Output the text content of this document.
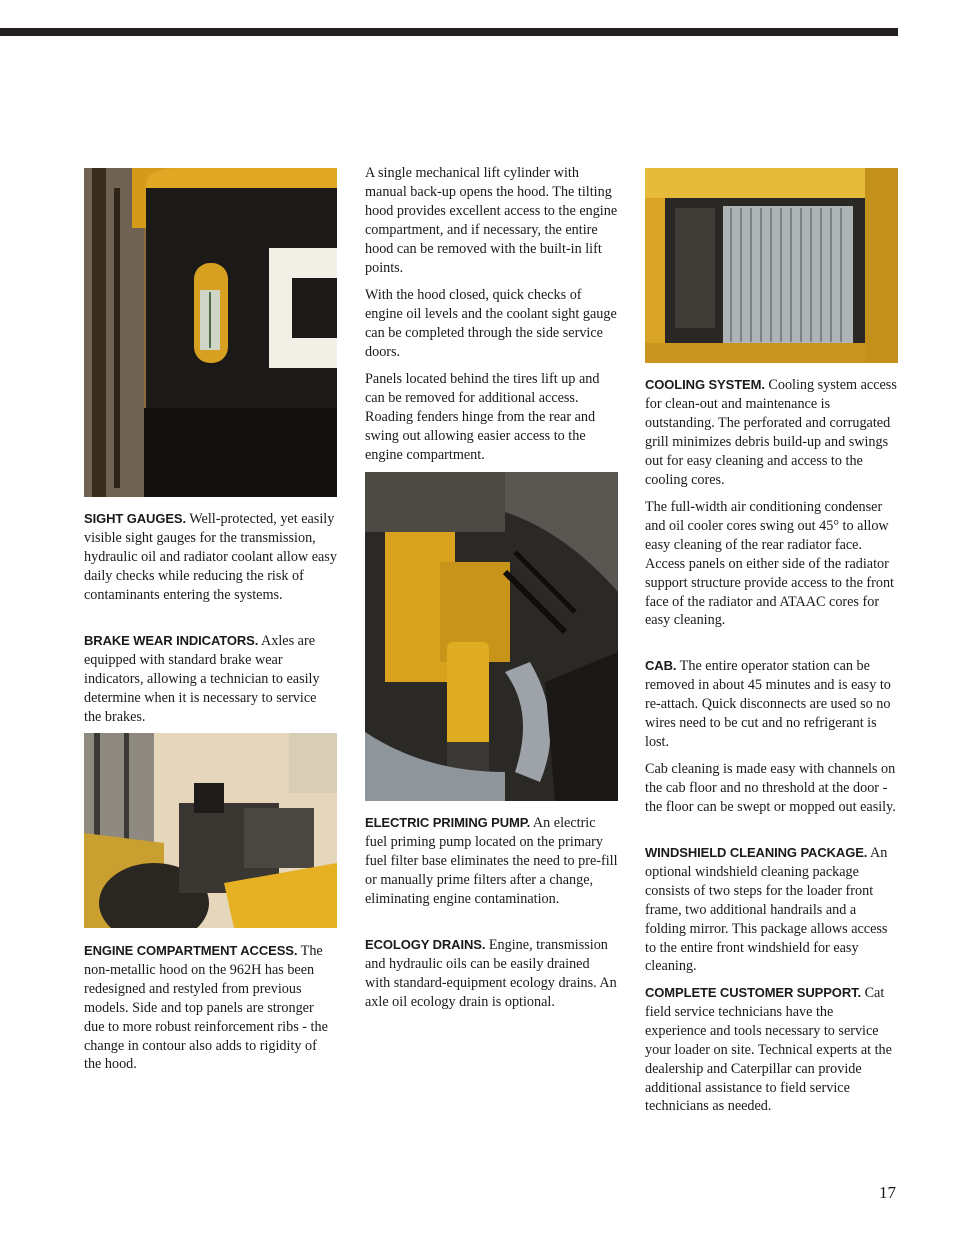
SIGHT GAUGES. Well-protected, yet easily visible sight gauges for the transmission, hydraulic oil and radiator coolant allow easy daily checks while reducing the risk of contaminants entering the systems.

BRAKE WEAR INDICATORS. Axles are equipped with standard brake wear indicators, allowing a technician to easily determine when it is necessary to service the brakes.

ENGINE COMPARTMENT ACCESS. The non-metallic hood on the 962H has been redesigned and restyled from previous models. Side and top panels are stronger due to more robust reinforcement ribs - the change in contour also adds to rigidity of the hood.

A single mechanical lift cylinder with manual back-up opens the hood. The tilting hood provides excellent access to the engine compartment, and if necessary, the entire hood can be removed with the built-in lift points.

With the hood closed, quick checks of engine oil levels and the coolant sight gauge can be completed through the side service doors.

Panels located behind the tires lift up and can be removed for additional access. Roading fenders hinge from the rear and swing out allowing easier access to the engine compartment.

ELECTRIC PRIMING PUMP. An electric fuel priming pump located on the primary fuel filter base eliminates the need to pre-fill or manually prime filters after a change, eliminating engine contamination.

ECOLOGY DRAINS. Engine, transmission and hydraulic oils can be easily drained with standard-equipment ecology drains. An axle oil ecology drain is optional.

COOLING SYSTEM. Cooling system access for clean-out and maintenance is outstanding. The perforated and corrugated grill minimizes debris build-up and swings out for easy cleaning and access to the cooling cores.

The full-width air conditioning condenser and oil cooler cores swing out 45° to allow easy cleaning of the rear radiator face. Access panels on either side of the radiator support structure provide access to the front face of the radiator and ATAAC cores for easy cleaning.

CAB. The entire operator station can be removed in about 45 minutes and is easy to re-attach. Quick disconnects are used so no wires need to be cut and no refrigerant is lost.

Cab cleaning is made easy with channels on the cab floor and no threshold at the door - the floor can be swept or mopped out easily.

WINDSHIELD CLEANING PACKAGE. An optional windshield cleaning package consists of two steps for the loader front frame, two additional handrails and a folding mirror. This package allows access to the entire front windshield for easy cleaning.

COMPLETE CUSTOMER SUPPORT. Cat field service technicians have the experience and tools necessary to service your loader on site. Technical experts at the dealership and Caterpillar can provide additional assistance to field service technicians as needed.

17
